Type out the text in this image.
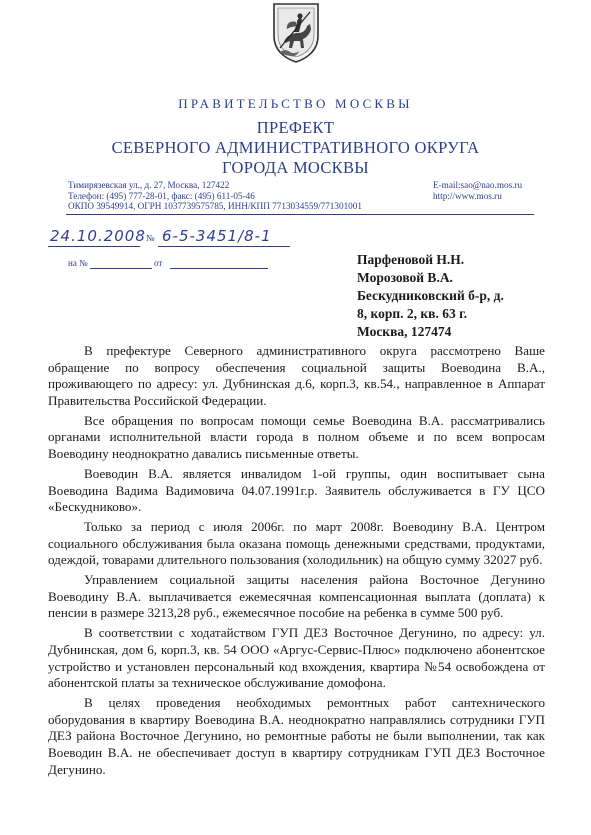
ПРАВИТЕЛЬСТВО МОСКВЫ
ПРЕФЕКТ
СЕВЕРНОГО АДМИНИСТРАТИВНОГО ОКРУГА
ГОРОДА МОСКВЫ
Тимирязевская ул., д. 27, Москва, 127422
Телефон: (495) 777-28-01, факс: (495) 611-05-46
ОКПО 39549914, ОГРН 1037739575785, ИНН/КПП 7713034559/771301001
E-mail:sao@nao.mos.ru
http://www.mos.ru
24.10.2008 № 6-5-3451/8-1
на №	от	Парфеновой Н.Н.
Морозовой В.А.
Бескудниковский б-р, д.
8, корп. 2, кв. 63 г.
Москва, 127474

В префектуре Северного административного округа рассмотрено Ваше обращение по вопросу обеспечения социальной защиты Воеводина В.А., проживающего по адресу: ул. Дубнинская д.6, корп.3, кв.54., направленное в Аппарат Правительства Российской Федерации.

Все обращения по вопросам помощи семье Воеводина В.А. рассматривались органами исполнительной власти города в полном объеме и по всем вопросам Воеводину неоднократно давались письменные ответы.

Воеводин В.А. является инвалидом 1-ой группы, один воспитывает сына Воеводина Вадима Вадимовича 04.07.1991г.р. Заявитель обслуживается в ГУ ЦСО «Бескудниково».

Только за период с июля 2006г. по март 2008г. Воеводину В.А. Центром социального обслуживания была оказана помощь денежными средствами, продуктами, одеждой, товарами длительного пользования (холодильник) на общую сумму 32027 руб.

Управлением социальной защиты населения района Восточное Дегунино Воеводину В.А. выплачивается ежемесячная компенсационная выплата (доплата) к пенсии в размере 3213,28 руб., ежемесячное пособие на ребенка в сумме 500 руб.

В соответствии с ходатайством ГУП ДЕЗ Восточное Дегунино, по адресу: ул. Дубнинская, дом 6, корп.3, кв. 54 ООО «Аргус-Сервис-Плюс» подключено абонентское устройство и установлен персональный код вхождения, квартира №54 освобождена от абонентской платы за техническое обслуживание домофона.

В целях проведения необходимых ремонтных работ сантехнического оборудования в квартиру Воеводина В.А. неоднократно направлялись сотрудники ГУП ДЕЗ района Восточное Дегунино, но ремонтные работы не были выполнении, так как Воеводин В.А. не обеспечивает доступ в квартиру сотрудникам ГУП ДЕЗ Восточное Дегунино.
